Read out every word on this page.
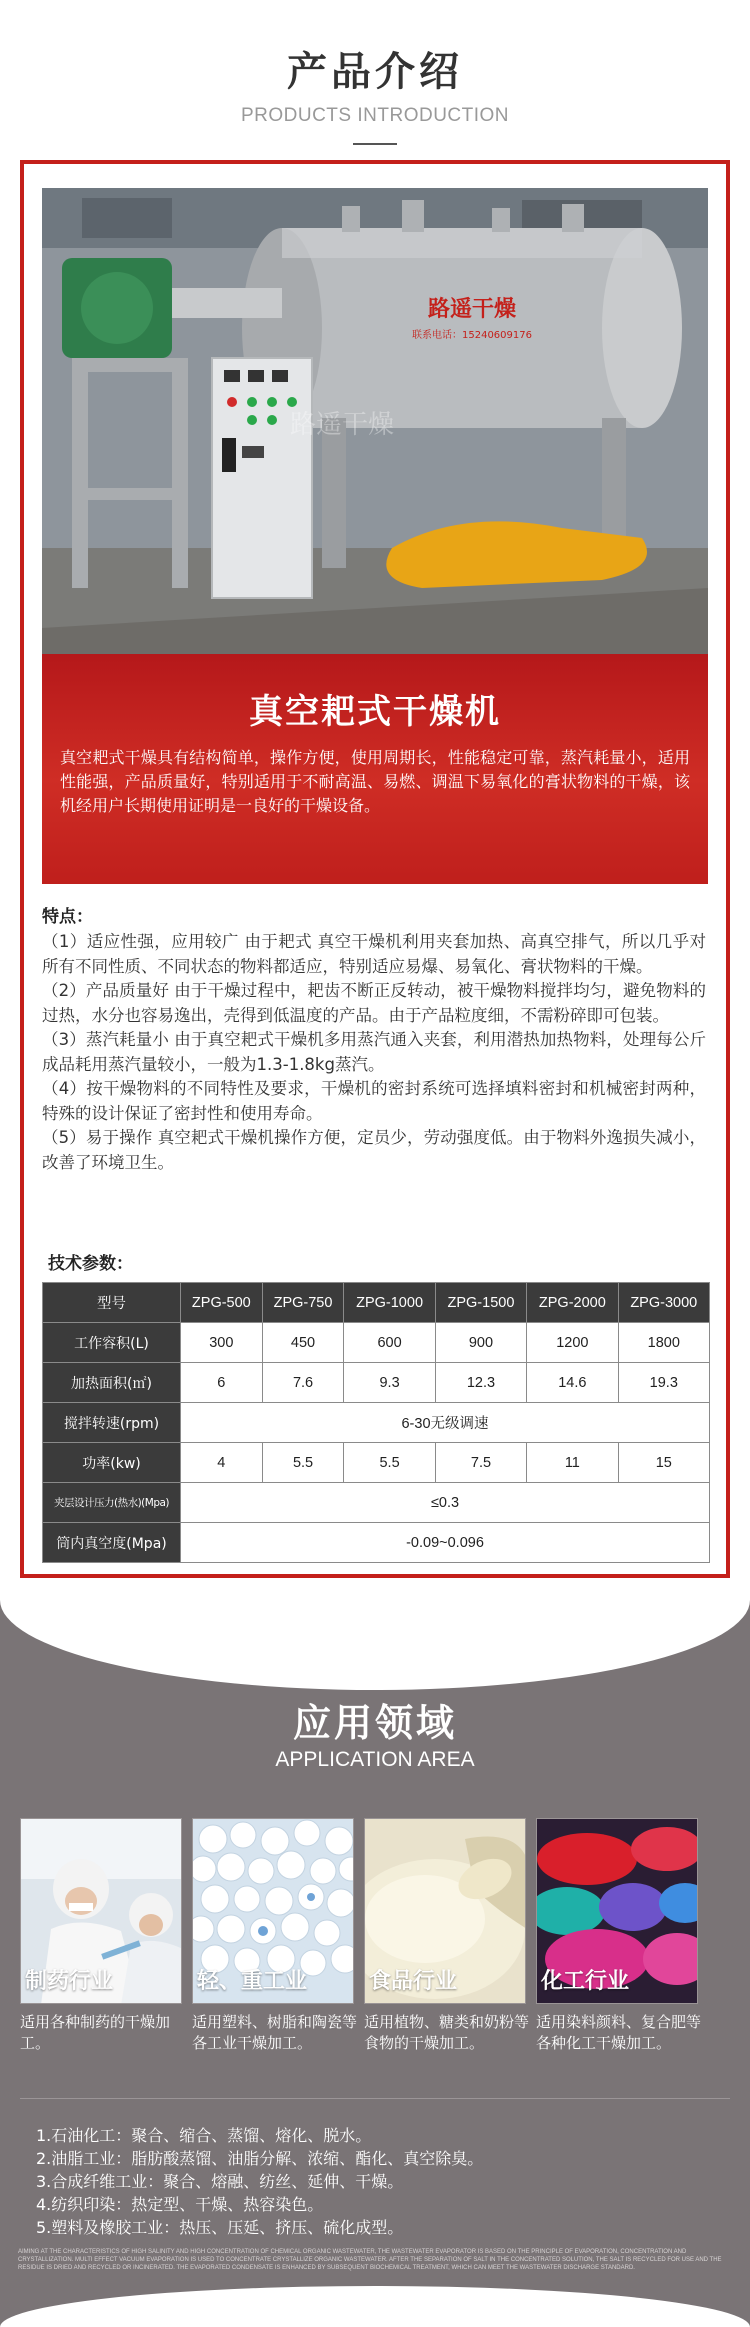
产品介绍
PRODUCTS INTRODUCTION
路遥干燥
联系电话：15240609176
路遥干燥
真空耙式干燥机
真空耙式干燥具有结构简单，操作方便，使用周期长，性能稳定可靠，蒸汽耗量小，适用性能强，产品质量好，特别适用于不耐高温、易燃、调温下易氧化的膏状物料的干燥，该机经用户长期使用证明是一良好的干燥设备。
特点：

（1）适应性强，应用较广 由于耙式 真空干燥机利用夹套加热、高真空排气，所以几乎对所有不同性质、不同状态的物料都适应，特别适应易爆、易氧化、膏状物料的干燥。

（2）产品质量好 由于干燥过程中，耙齿不断正反转动，被干燥物料搅拌均匀，避免物料的过热，水分也容易逸出，壳得到低温度的产品。由于产品粒度细，不需粉碎即可包装。

（3）蒸汽耗量小 由于真空耙式干燥机多用蒸汽通入夹套，利用潜热加热物料，处理每公斤成品耗用蒸汽量较小，一般为1.3-1.8kg蒸汽。

（4）按干燥物料的不同特性及要求，干燥机的密封系统可选择填料密封和机械密封两种，特殊的设计保证了密封性和使用寿命。

（5）易于操作 真空耙式干燥机操作方便，定员少，劳动强度低。由于物料外逸损失减小，改善了环境卫生。

技术参数：
型号	ZPG-500	ZPG-750	ZPG-1000	ZPG-1500	ZPG-2000	ZPG-3000
工作容积(L)	300	450	600	900	1200	1800
加热面积(㎡)	6	7.6	9.3	12.3	14.6	19.3
搅拌转速(rpm)	6-30无级调速					
功率(kw)	4	5.5	5.5	7.5	11	15
夹层设计压力(热水)(Mpa)	≤0.3					
筒内真空度(Mpa)	-0.09~0.096					
应用领域
APPLICATION AREA
制药行业
适用各种制药的干燥加工。
轻、重工业
适用塑料、树脂和陶瓷等各工业干燥加工。
食品行业
适用植物、糖类和奶粉等食物的干燥加工。
化工行业
适用染料颜料、复合肥等各种化工干燥加工。
1.石油化工：聚合、缩合、蒸馏、熔化、脱水。
2.油脂工业：脂肪酸蒸馏、油脂分解、浓缩、酯化、真空除臭。
3.合成纤维工业：聚合、熔融、纺丝、延伸、干燥。
4.纺织印染：热定型、干燥、热容染色。
5.塑料及橡胶工业：热压、压延、挤压、硫化成型。
AIMING AT THE CHARACTERISTICS OF HIGH SALINITY AND HIGH CONCENTRATION OF CHEMICAL ORGANIC WASTEWATER, THE WASTEWATER EVAPORATOR IS BASED ON THE PRINCIPLE OF EVAPORATION, CONCENTRATION AND CRYSTALLIZATION. MULTI EFFECT VACUUM EVAPORATION IS USED TO CONCENTRATE CRYSTALLIZE ORGANIC WASTEWATER. AFTER THE SEPARATION OF SALT IN THE CONCENTRATED SOLUTION, THE SALT IS RECYCLED FOR USE AND THE RESIDUE IS DRIED AND RECYCLED OR INCINERATED. THE EVAPORATED CONDENSATE IS ENHANCED BY SUBSEQUENT BIOCHEMICAL TREATMENT, WHICH CAN MEET THE WASTEWATER DISCHARGE STANDARD.
